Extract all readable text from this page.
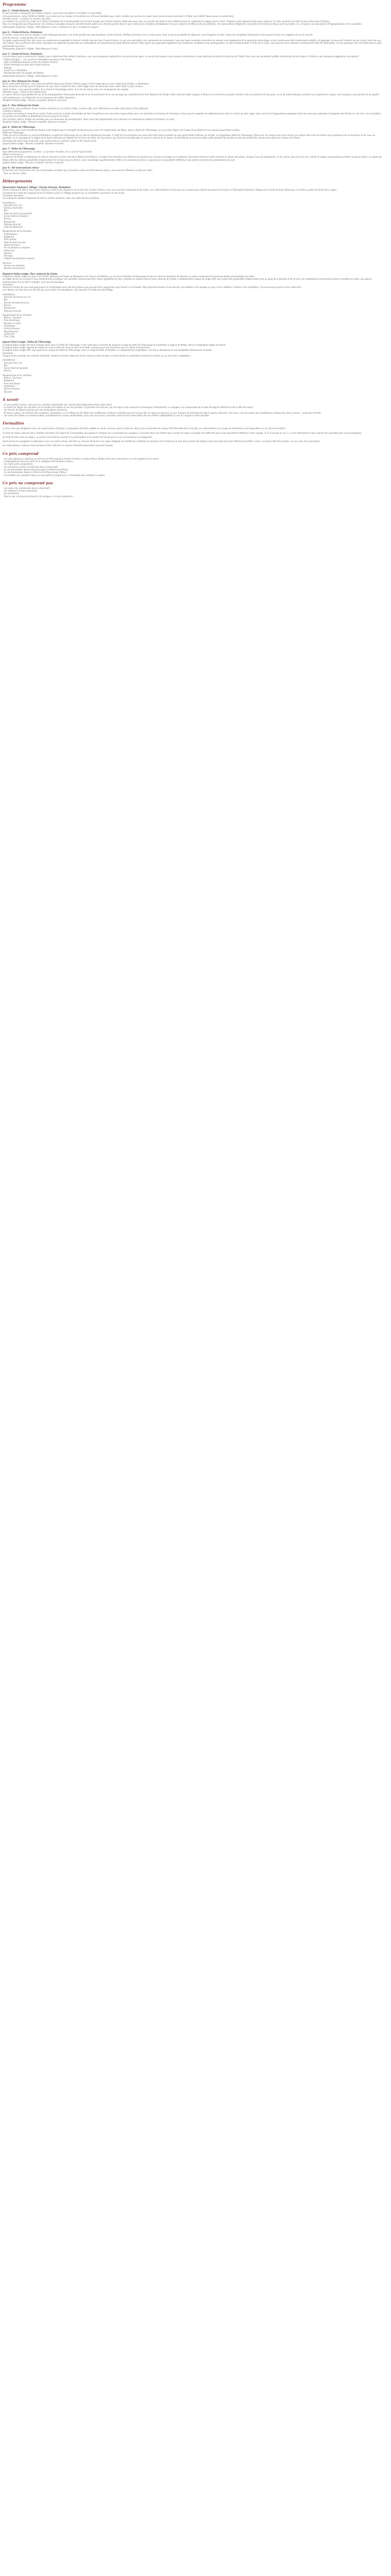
Programme
Jour 1 : Chobe-Victoria, Zimbabwe
À votre arrivée à l'aéroport des Chutes Victoria, vous serez accueillis et transférés à votre hôtel.
Cet spectaculaire, entre 15000 et 16000, vous serez pris en charge et transférés sur la Rivue Zambèze pour votre croisière au coucher du soleil. Vous serez ensuite reconduits à l'hôtel vers 18h00. Nous aurons la soirée libre.
Activité incluse : croisière au coucher du soleil
La croisière au coucher du soleil sur le fleuve Zambèze est incontournable lors de tout voyage aux Chutes Victoria. Détendez-vous avec un coucher de soleil et des collations tout en regardant les berges de la rivière. Préparez votre appareil photo pour capturer l'un des couchers de soleil les plus étonnants d'Afrique.
Vous ne manquerez pas d'apercevoir des animaux sauvages lorsqu'ils viendront boire après une chaude journée dans le parc national du Zambèze (Zimbabwe) et le parc national de Mosi-oa-Tunya (Zambie). Ces observations éléphants, de girafes et diverses animaux sont courantes. Il y a toujours une abondance d'hippopotames et de crocodiles.
(Shearwater Explorers' Village - Petit-déjeuner inclus, collations lors de la croisière & souper)
Jour 2 : Chobe-Victoria, Zimbabwe
Ce matin, vous serez pris en charge à votre hébergement pour une visite guidée des spectaculaires chutes Victoria. Profitez du temps mais à votre guise. Vous aurez la possibilité de déjeuner, puis d'explorer la ville. Faites des emplettes d'artisanat et de souvenirs dans les magasins et sur le marché.
Activité incluse : visite guidée des chutes
Un guide expérimenté vous fera vivre une expérience inoubliable à travers la forêt tropicale des Chutes Victoria, ce qui vous permettra non seulement de contempler l'une des Sept merveilles naturelles du monde, mais également d'en apprendre davantage sur les nombreuses faits intéressants relatifs à la géologie, la faune et l'histoire du lieu à pied, point de vue des Chutes. Vous profiterez des riches mystiques de légendes locales tout en contemplant cet impressionnant phénomène naturel. Votre guide vous garantira également les meilleures conditions pour photographier ce site incontournable. À la fin de la visite, vous pourrez vous restaurer au Rainforest Café de Shearwater, un bon plat pour finir une belle ascent votre promenade exclusive.
(Shearwater Explorers' Village - Petit-déjeuner inclus)
Jour 3 : Chobe-Victoria, Zimbabwe
Le prochaines jours s'annoncent chargés, avec notamment des safaris matinaux, vous vous proposons aujourd'hui une journée de repos, ou encore de toujours vous pouvez recommencer vous admirant au bord de la piscine de l'hôtel. Pour ceux qui souhaitent profiter pleinement de leur séjour à Victoria, voici quelques suggestions (en option) :
- Flight of Angels » : Un survol en hélicoptère au-dessus des chutes
- Saut à l'élastique depuis le pont des chutes Victoria
- Visite historique du pont des chutes Victoria
- Rafting
- Canoë sur le Zambèze
- Randonnée dans les gorges de Batoka
(Shearwater Explorers' Village - Petit-déjeuner inclus)
Jour 4 : Parc National de Chobe
Après votre petit-déjeuner, vous serez transférés depuis les Chutes Victoria jusqu'à votre lodge dans le parc national de Chobe, au Botswana.
Nous arriverons à temps pour le déjeuner et vous vous installerez dans votre lodge avant de participer pour votre safari le plus couleur.
Après le dîner, vous pourrez profiter d'un moment de partage autour d'un feu de camp, avec vos compagnons de voyage.
Activité incluse : safari en fin d'après-midi
Le safaris offrent la possibilité de voir et de photographier l'étonnante diversité et la concentration de la vie sauvage qui caractérisent le Parc National de Chobe. Votre véhicule safari longera le fleuve à la recherche de proies fraîches. Elle les premiers arrivés pour un six du thème tétonos montrent une expérience unique. Les troupeaux sont partout et les girafes sont nombreuses. Les éléphants et les troupeaux de buffles abondent.
(Elephant Valley Lodge - Pension complète, boissons incluses)
Jour 5 : Parc National de Chobe
Aujourd'hui, vous profiterez d'une croisière matinale sur la rivière Chobe. L'après-midi, vous effectuerez un autre safari dans le Parc National.
Croisière matinale
Les safaris en bateau le long de la rivière Chobe sont une manière formidable de faire l'expérience de rencontres rapprochées avec une abondance d'oiseaux et d'animaux. Vous pourrez regarder les éléphants jouer dans la rivière ou aller nager. Vous verrez les hippopotames patauger dans les eaux peu profondes et grignoter de l'herbe sur les rives. Les crocodiles, les girafes et les buffles se désaltérent tout au long de la rivière.
Une croisière safari à Chobe est parfaite pour les amoureux de photographie. Vous aurez des opportunités pour observer de nombreuses espèces d'animaux, en plein.
(Elephant Valley Lodge - Pension complète, boissons incluses)
Jour 6 : Delta de l'Okavango
Aujourd'hui, vous serez transférés depuis votre lodge jusqu'à l'aéroport de Kasane pour votre vol à destination de Maun, dans le Delta de l'Okavango. Le survol des régions de Chobe et du Delta est une source assurément inédite.
Delta de l'Okavango
Cette vie est en fonction au nord du Botswana, le delta de l'Okavango est un site du patrimoine mondial. Il s'agit d'un écosystème aux deux tiers des zones humides du plus grand delta intérieur au monde. Le magnifique Delta de l'Okavango s'étend sur les saisons des mois d'aout, les saisons des crues et sèches qui contribuent de la nourriture et de l'eau en quantité, la vie sauvage de la région de la faune africaine qui dépend de la faune du delta, de l'eau douce qui nourrit et du pâturage, et aussi le volume de la saison. En période de crue tout le delta a été pendant des années le plus bel endroit du monde pour observer la faune et la flore.
Extinction de votre faune d'arrivée, vous partez dans un premier safari en fin d'après-midi.
(Jugvat Safari Lodge - Pension complète, boissons incluses)
Jour 7 : Delta de l'Okavango
Vous effectuerez aujourd'hui 2 safaris : un premier le matin, et un second l'après-midi.
Khwai Conservancy
La réserve de Khwai au Botswana se situe le long de la limite nord de la Réserve de Moremi. Il s'agit d'une frontière non clôturée qui permet aux animaux sauvages de se déplacer librement entre les forêts pendant la saison des pluies, lorsque l'eau est abondante, et de revenir plus tard vers les rivières et régions permanentes pendant la saison sèche. La région de Khwai offre les mêmes possibilités d'observation de la faune que la réserve, avec l'avantage supplémentaire d'être une concession privée, ce qui procure la possibilité d'effectuer des safaris à pied et des promenades de nuit.
(Jugvat Safari Lodge - Pension complète, boissons incluses)
Jour 8 : Vol international retour
En fonction de l'horaire de votre vol à destination de Maun qui connectera votre vol international retour, vous pourrez effectuer un dernier safari.
- Pour un dernier safari -
Hébergements
Shearwater Explorers' Village | Chutes Victoria, Zimbabwe
Situé à seulement 400 m des chutes Victoria, à 500 m de l'épicentre de la ville des Chutes Victoria, avec ses marchés d'artisanat et de loisirs, ses cafés boheme et donnant sur un panorama naturel de brousse africaine, le Shearwater Explorers Village est le camp de base idéal pour se rendre au pôle d'activité de la région.
Constitué de 5 sites de camping et de 16 chalets privés, le Village propose aux un excellente couverture et des accès.
Chambres standard :
Les chambres doubles disposent de tout le confort moderne, avec une salle de bain privative.
Installations :
- Sécurité 24h / 24
- Bureau d'activités
- Bar
- Salle de sport (à proximité)
- Accès Internet (Gratuit)
- Piscine
- Restaurant
- Parking sécurisé
- Salle de télévision
Équipements de la chambre :
- Climatisation
- Bulgaroré
- Wi-Fi gratuit
- Salle de bains privée
- Sèche-cheveux
- Fer et planche à repasser
- Coffre-fort
- Douche
- Véranda
- Adapté aux fauteuils roulants
Services :
- Service en chambre
- Bureau d'excursions
Elephant Valley Lodge | Parc national de Chobe
L'Elephant Valley Lodge se situe entre le Parc National de Chobe au Botswana et la réserve de Matetsi, au sud de la frontière de Kazungula et dans la réserve forestière de Kasane. Le camp comprend 20 luxueuses tentes permanentes de safari.
Le lodge donne sur un point d'eau extrêmement prolifique. Les activités comprennent des safaris quotidiens et des croisières en bateau dans le parc national de Chobe. L'emplacement unique du lodge offre aux clients des possibilités d'observation tout au long de la journée et de la nuit. Les installations comprennent piscine chauffée au soleil, une galerie d'observation et une salle à manger, ainsi qu'une boutique.
Chambres :
Toutes les tentes de luxe sont spacieuses et confortables avec des lits jumeaux qui peuvent être rapprochés pour former un lit double. Elles disposent toutes d'une douche, de toilettes et de lavabos en plus d'une cafetière / théière, d'un ventilateur, d'une terrasse privée et d'un coffre-fort.
Les rideaux ont des tissus et des fils qui, pour éviter les moustiques, sont assortis à la toile de camouflage.
Installations :
- Sécurité 24 heures sur 24
- Bar
- Service de blanchisserie
- Piscine
- Restaurant
- Parking sécurisé
Équipements de la chambre :
- Balcon / Terrasse
- Prise électrique
- Douche en suite
- Ventilateur
- Sèche-cheveux
- Moustiquaires
- Coffre-fort
- Thé / Café
Jugvat Safari Lodge | Delta de l'Okavango
Le Jugvat Safari Lodge est situé à Khwai (Est), dans le Delta de l'Okavango. Il est niché dans une forêt de mopane le long du delta de l'Okavango et surplombe la lagune de Khwai, dans la magnifique région de Khwai.
Le Jugvat Safari Lodge dispose de tentes de luxe au bord de l'eau au sein de la forêt, conçues pour une harmonie avec la nature environnante.
Le Jugvat Safari Lodge offre une expérience unique du delta de l'Okavango, avec un large éventail d'activités, un emplacement magnifique, une faune abondante et une hospitalité chaleureuse et locale.
Chambres :
Chaque tente possède une intimité maximale. Toutes les tentes disposent d'une luxueuse salle de bains et sont situées à proximité du bord de la rivière, au au sens de la végétation.
Installations :
- Sécurité 24h / 24
- Bar
- Accès Internet (gratuit)
- Piscine
Équipements de la chambre :
- Balcon / Terrasse
- Bulgaroré
- Prise électrique
- Ventilateur
- Sèche-cheveux
- Douche
À savoir
- Si vous partez seul(e), votre prix en chambre individuelle est calculé automatiquement dans votre devis.
- La durée de séjour est calculée sur le nombre de nuitées et non de journées. La journée et le dernier jour du séjour sont consacrés au transport international. Le voyageur est responsable de la date de départ effective et de la date de retour.
- Les heures de départ prévues par vos compagnies aériennes.
- En bonus valeur, en fonction des conditions climatiques, ou à l'affluence de l'hôtel est insuffisante, certaines activités pourront ne pas être en place ou quand il n'y par manque de participants requis (sports collectifs, mini-club...) et une partie des installations (restaurants, bars, piscine...) peut être fermée.
- Les noms des hôtels se rendent lisibles, préalablement à toute confirmation, vous vous inscrivez à consulter notre service réservation afin de vérifier l'adaptabilité ou non du voyage à votre situation.
Formalités
Le visa n'est pas obligatoire pour les ressortissants français. Le passeport doit être valable au moins six mois après la date du retour. Une autorisation du séjour doit être délivrée à l'arrivée. Les informations sur le pays de destination sont disponibles sur le site du ministère.
Le droit de séjour autorisé est à l'entière discrétion de l'agent de l'immigration qui appose le tampon sur le passeport du voyageur. Il convient donc de vérifier que la durée de séjour accordée est suffisante pour vous permettre d'effectuer votre voyage. Si ce n'est pas le cas, il y a des démarches à faire auprès des autorités pour une prolongation.
Au-delà de trois mois de séjour, un permis de résidence soumis à la présentation d'un contrat de travail pour un ou une personne est obligatoire.
Toute personne voyageant au Botswana avec un enfant mineur doit être en mesure de fournir une copie intégrale et certifiée du certificat de naissance de l'enfant où le nom des parents est indiqué, ainsi que tout document officiel qui justifie ce lien. Le mineur doit être porteur, en son nom, d'un passeport.
Les informations ci-dessus sont données à titre indicatif. Les pièces d'identité demandées peuvent évoluer.
Ce prix comprend
- Les vols régionaux, spéciaux au tarif du vol A/R jusqu'aux Chutes Victoria, et depuis Maun. Billets émis de la réservation sur vols réguliers (à la carte).
- L'hébergement avec les tarifs de la catégorie de chambres choisie.
- Les repas selon programme.
- Les transferts comme mentionnés dans le descriptif.
- Le vol domestique depuis Kasane jusqu'à la Réserve de Khwai.
- Le vol domestique depuis la Réserve de Khwai jusqu'à Maun.
- L'ensemble des activités listées au descriptif du programme, à l'exception des activités en option.
Ce prix ne comprend pas
- Les repas non mentionnés dans le descriptif.
- Les dépenses d'ordre personnel.
- Les pourboires.
- Tout ce qui n'est pas mentionné à la rubrique « Ce prix comprend ».
